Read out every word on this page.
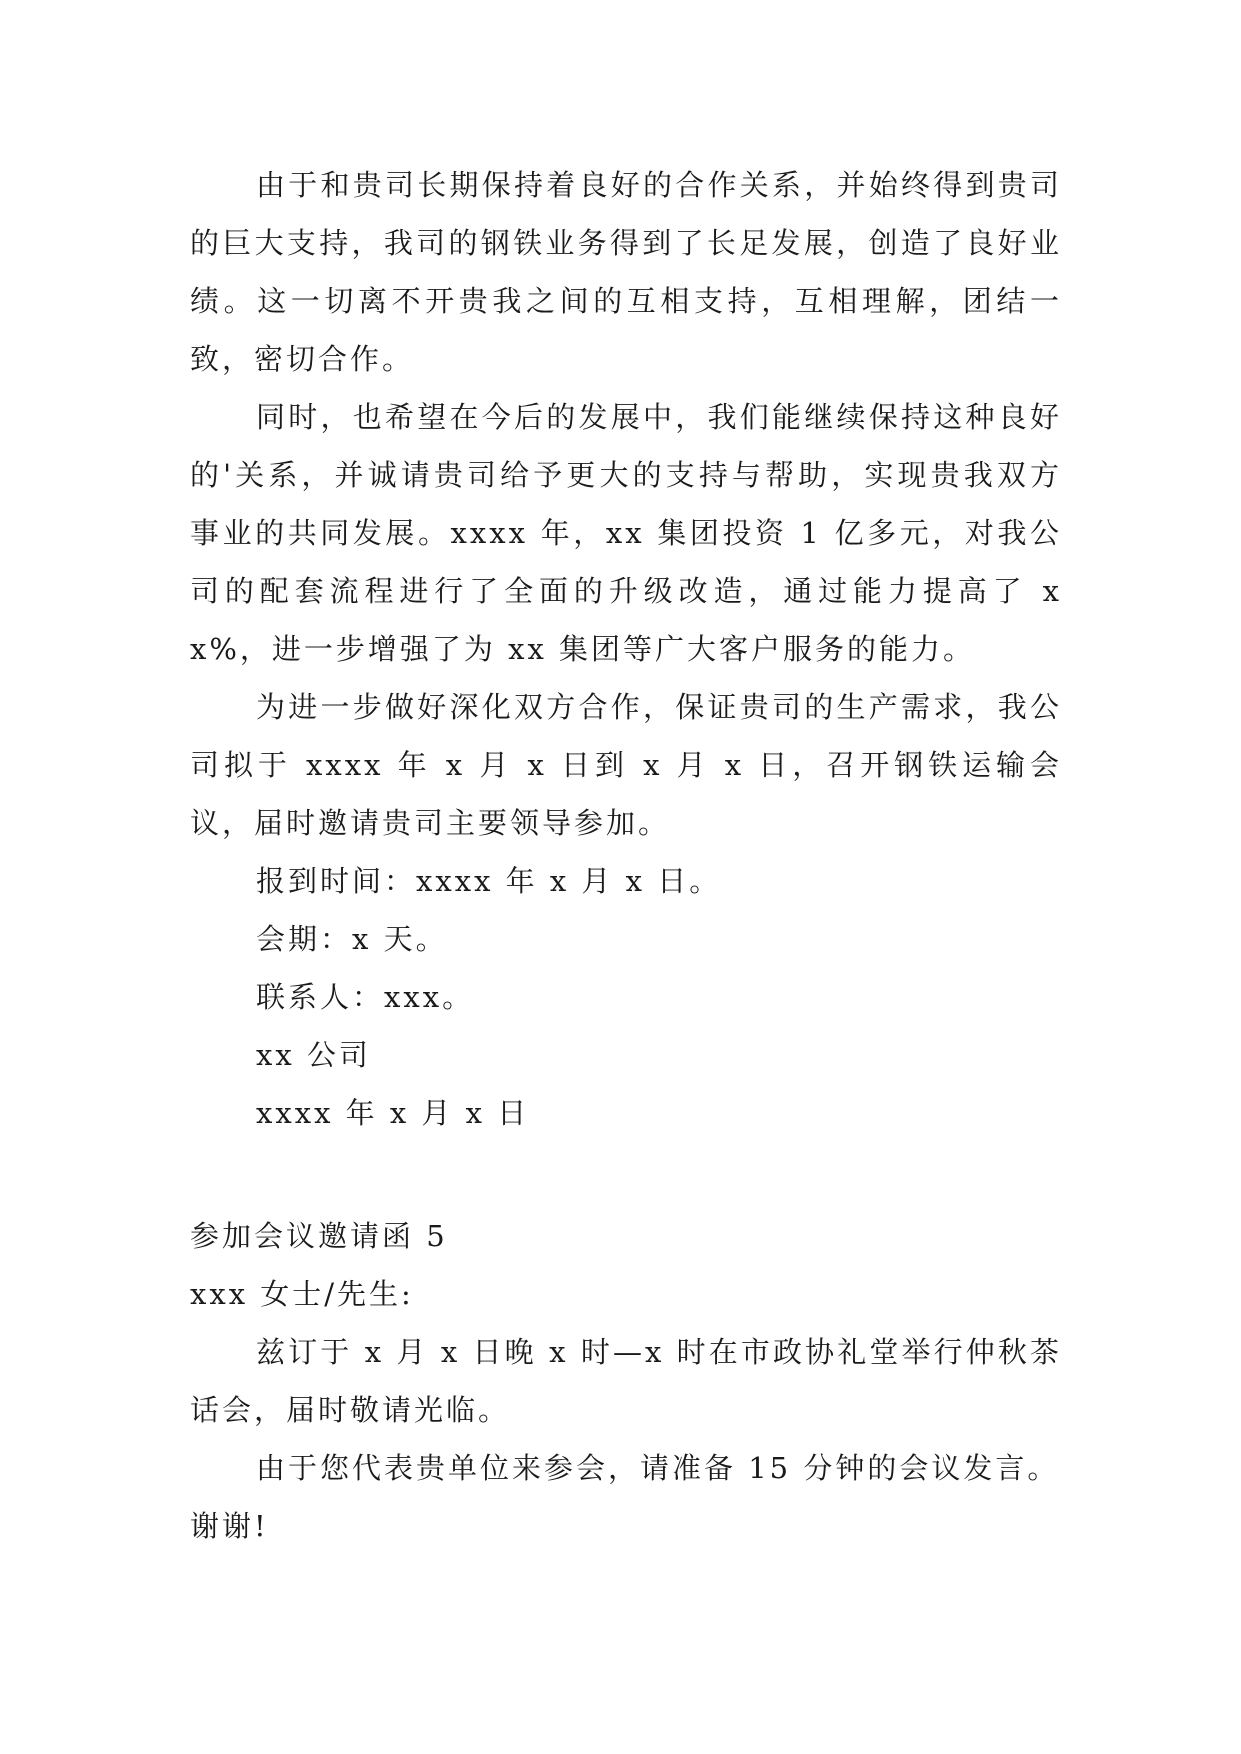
由于和贵司长期保持着良好的合作关系，并始终得到贵司的巨大支持，我司的钢铁业务得到了长足发展，创造了良好业绩。这一切离不开贵我之间的互相支持，互相理解，团结一致，密切合作。

同时，也希望在今后的发展中，我们能继续保持这种良好的'关系，并诚请贵司给予更大的支持与帮助，实现贵我双方事业的共同发展。xxxx 年，xx 集团投资 1 亿多元，对我公司的配套流程进行了全面的升级改造，通过能力提高了 xx%，进一步增强了为 xx 集团等广大客户服务的能力。

为进一步做好深化双方合作，保证贵司的生产需求，我公司拟于 xxxx 年 x 月 x 日到 x 月 x 日，召开钢铁运输会议，届时邀请贵司主要领导参加。

报到时间：xxxx 年 x 月 x 日。

会期：x 天。

联系人：xxx。

xx 公司

xxxx 年 x 月 x 日

参加会议邀请函 5

xxx 女士/先生:

兹订于 x 月 x 日晚 x 时—x 时在市政协礼堂举行仲秋茶话会，届时敬请光临。

由于您代表贵单位来参会，请准备 15 分钟的会议发言。

谢谢!
